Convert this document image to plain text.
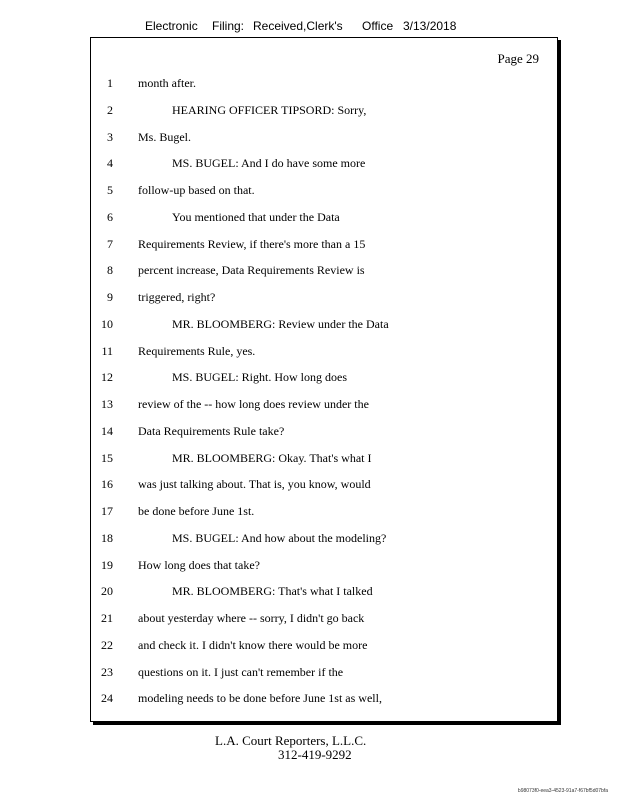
Electronic Filing: Received,Clerk's Office 3/13/2018
Page 29
1 month after.
2	HEARING OFFICER TIPSORD: Sorry,
3 Ms. Bugel.
4	MS. BUGEL: And I do have some more
5 follow-up based on that.
6	You mentioned that under the Data
7 Requirements Review, if there's more than a 15
8 percent increase, Data Requirements Review is
9 triggered, right?
10	MR. BLOOMBERG: Review under the Data
11 Requirements Rule, yes.
12	MS. BUGEL: Right. How long does
13 review of the -- how long does review under the
14 Data Requirements Rule take?
15	MR. BLOOMBERG: Okay. That's what I
16 was just talking about. That is, you know, would
17 be done before June 1st.
18	MS. BUGEL: And how about the modeling?
19 How long does that take?
20	MR. BLOOMBERG: That's what I talked
21 about yesterday where -- sorry, I didn't go back
22 and check it. I didn't know there would be more
23 questions on it. I just can't remember if the
24 modeling needs to be done before June 1st as well,
L.A. Court Reporters, L.L.C.
312-419-9292
b98073f0-eea3-4523-91a7-f67bf5d07bfa
